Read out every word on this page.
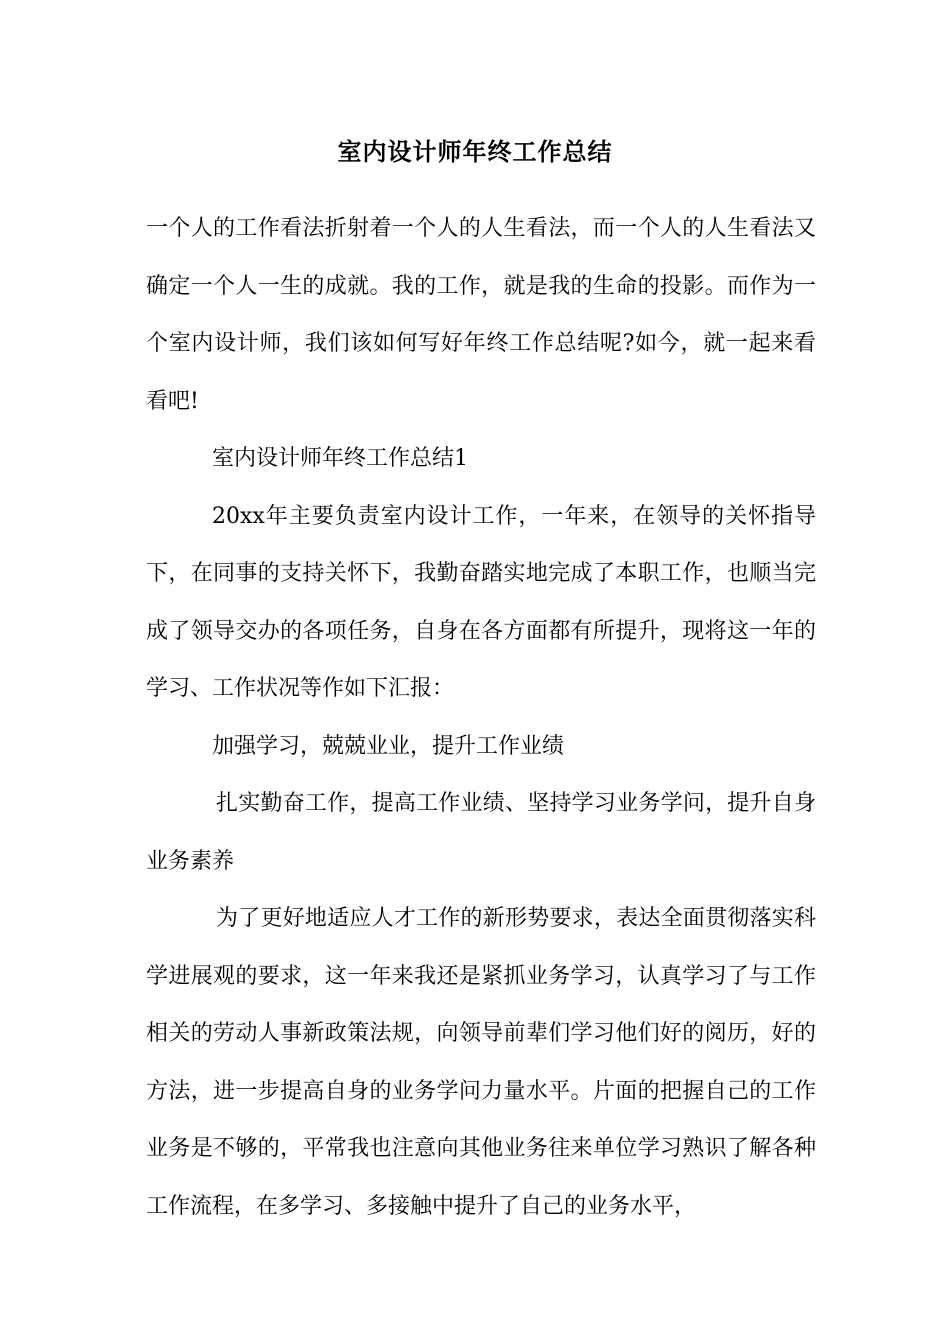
室内设计师年终工作总结

一个人的工作看法折射着一个人的人生看法，而一个人的人生看法又确定一个人一生的成就。我的工作，就是我的生命的投影。而作为一个室内设计师，我们该如何写好年终工作总结呢?如今，就一起来看看吧!

室内设计师年终工作总结1

20xx年主要负责室内设计工作，一年来，在领导的关怀指导下，在同事的支持关怀下，我勤奋踏实地完成了本职工作，也顺当完成了领导交办的各项任务，自身在各方面都有所提升，现将这一年的学习、工作状况等作如下汇报：

加强学习，兢兢业业，提升工作业绩

扎实勤奋工作，提高工作业绩、坚持学习业务学问，提升自身业务素养

为了更好地适应人才工作的新形势要求，表达全面贯彻落实科学进展观的要求，这一年来我还是紧抓业务学习，认真学习了与工作相关的劳动人事新政策法规，向领导前辈们学习他们好的阅历，好的方法，进一步提高自身的业务学问力量水平。片面的把握自己的工作业务是不够的，平常我也注意向其他业务往来单位学习熟识了解各种工作流程，在多学习、多接触中提升了自己的业务水平，
